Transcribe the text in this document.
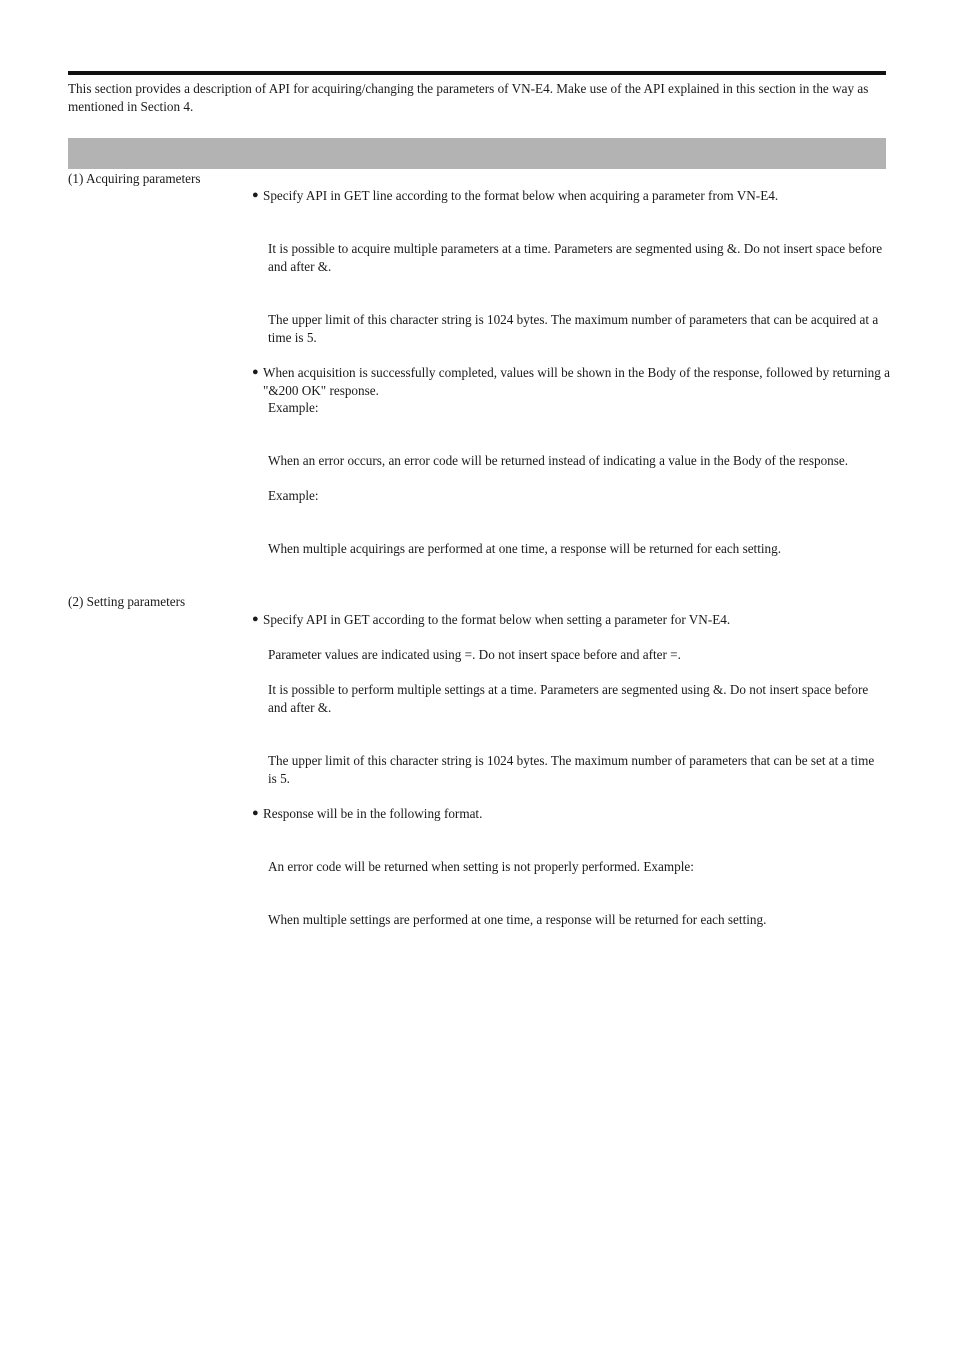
This section provides a description of API for acquiring/changing the parameters of VN-E4. Make use of the API explained in this section in the way as mentioned in Section 4.
(1) Acquiring parameters
● Specify API in GET line according to the format below when acquiring a parameter from VN-E4.
It is possible to acquire multiple parameters at a time. Parameters are segmented using &. Do not insert space before and after &.
The upper limit of this character string is 1024 bytes. The maximum number of parameters that can be acquired at a time is 5.
● When acquisition is successfully completed, values will be shown in the Body of the response, followed by returning a "&200 OK" response.
Example:
When an error occurs, an error code will be returned instead of indicating a value in the Body of the response.
Example:
When multiple acquirings are performed at one time, a response will be returned for each setting.
(2) Setting parameters
● Specify API in GET according to the format below when setting a parameter for VN-E4.
Parameter values are indicated using =. Do not insert space before and after =.
It is possible to perform multiple settings at a time. Parameters are segmented using &. Do not insert space before and after &.
The upper limit of this character string is 1024 bytes. The maximum number of parameters that can be set at a time is 5.
● Response will be in the following format.
An error code will be returned when setting is not properly performed. Example:
When multiple settings are performed at one time, a response will be returned for each setting.
